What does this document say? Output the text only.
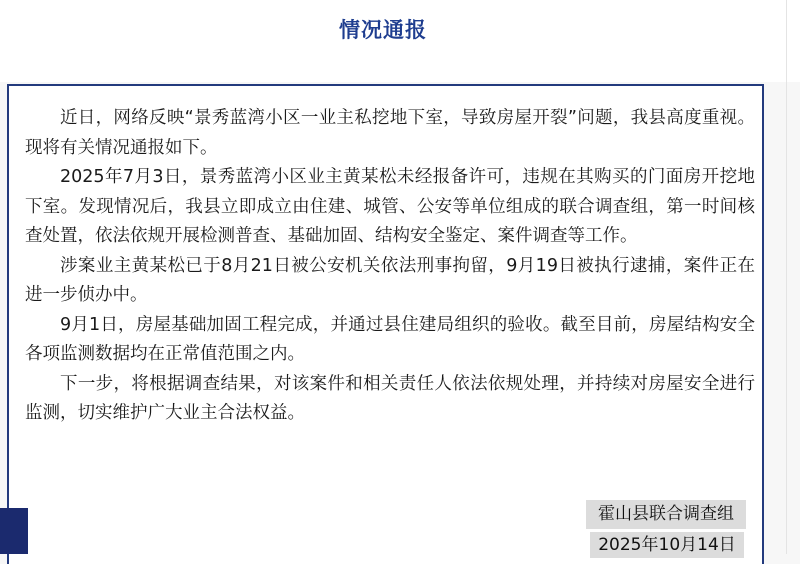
情况通报

近日，网络反映“景秀蓝湾小区一业主私挖地下室，导致房屋开裂”问题，我县高度重视。现将有关情况通报如下。

2025年7月3日，景秀蓝湾小区业主黄某松未经报备许可，违规在其购买的门面房开挖地下室。发现情况后，我县立即成立由住建、城管、公安等单位组成的联合调查组，第一时间核查处置，依法依规开展检测普查、基础加固、结构安全鉴定、案件调查等工作。

涉案业主黄某松已于8月21日被公安机关依法刑事拘留，9月19日被执行逮捕，案件正在进一步侦办中。

9月1日，房屋基础加固工程完成，并通过县住建局组织的验收。截至目前，房屋结构安全各项监测数据均在正常值范围之内。

下一步，将根据调查结果，对该案件和相关责任人依法依规处理，并持续对房屋安全进行监测，切实维护广大业主合法权益。

霍山县联合调查组
2025年10月14日
